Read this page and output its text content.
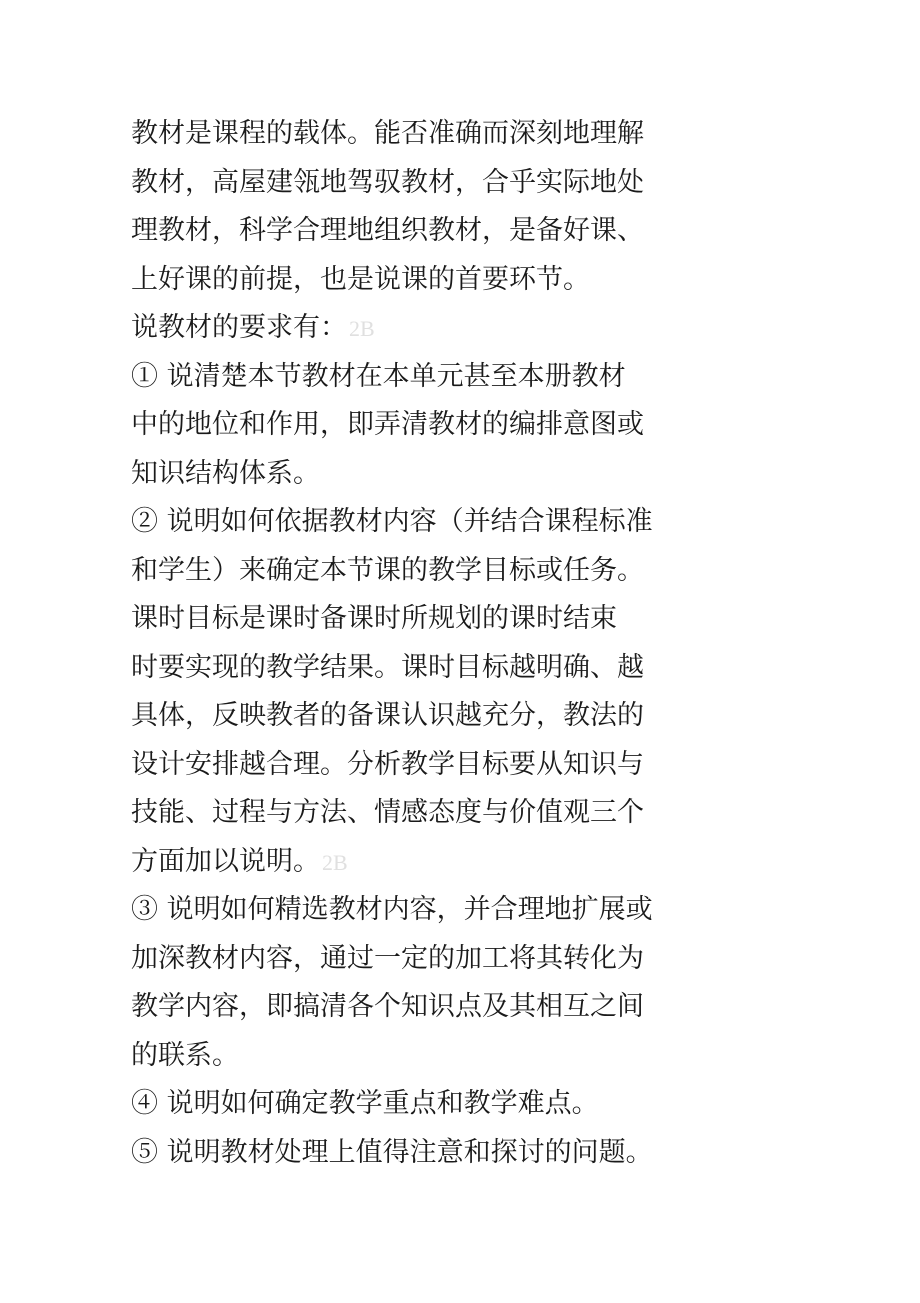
教材是课程的载体。能否准确而深刻地理解
教材，高屋建瓴地驾驭教材，合乎实际地处
理教材，科学合理地组织教材，是备好课、
上好课的前提，也是说课的首要环节。
说教材的要求有：2B
① 说清楚本节教材在本单元甚至本册教材
中的地位和作用，即弄清教材的编排意图或
知识结构体系。
② 说明如何依据教材内容（并结合课程标准
和学生）来确定本节课的教学目标或任务。
课时目标是课时备课时所规划的课时结束
时要实现的教学结果。课时目标越明确、越
具体，反映教者的备课认识越充分，教法的
设计安排越合理。分析教学目标要从知识与
技能、过程与方法、情感态度与价值观三个
方面加以说明。2B
③ 说明如何精选教材内容，并合理地扩展或
加深教材内容，通过一定的加工将其转化为
教学内容，即搞清各个知识点及其相互之间
的联系。
④ 说明如何确定教学重点和教学难点。
⑤ 说明教材处理上值得注意和探讨的问题。
